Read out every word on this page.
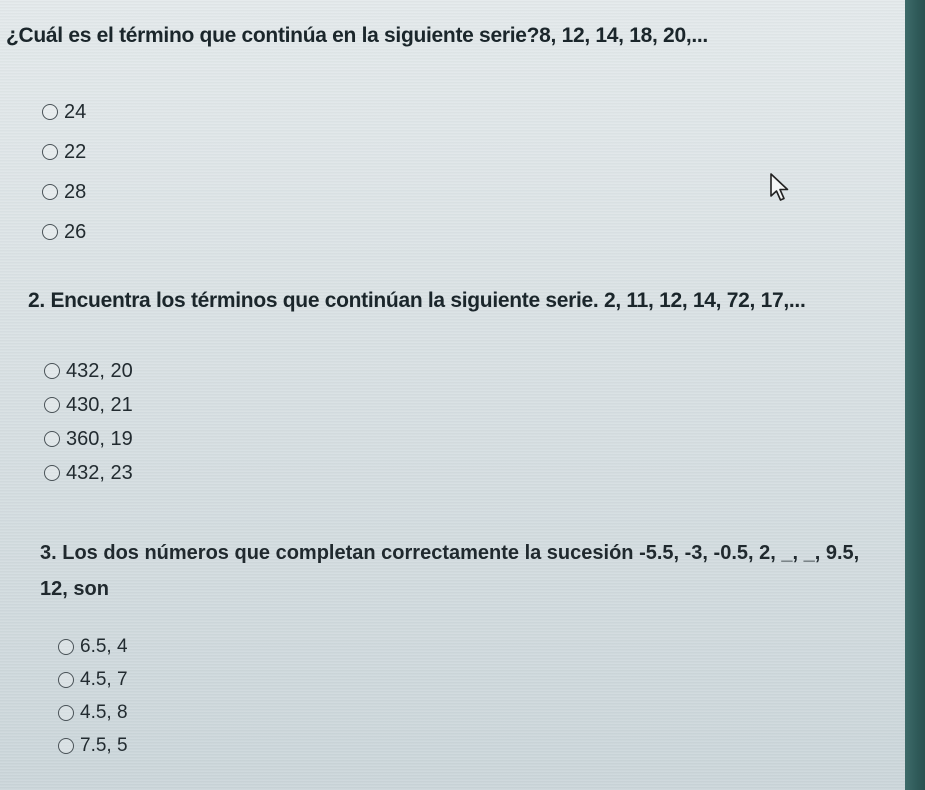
¿Cuál es el término que continúa en la siguiente serie?8, 12, 14, 18, 20,...
24
22
28
26
2. Encuentra los términos que continúan la siguiente serie. 2, 11, 12, 14, 72, 17,...
432, 20
430, 21
360, 19
432, 23
3. Los dos números que completan correctamente la sucesión -5.5, -3, -0.5, 2, _, _, 9.5,
12, son
6.5, 4
4.5, 7
4.5, 8
7.5, 5
